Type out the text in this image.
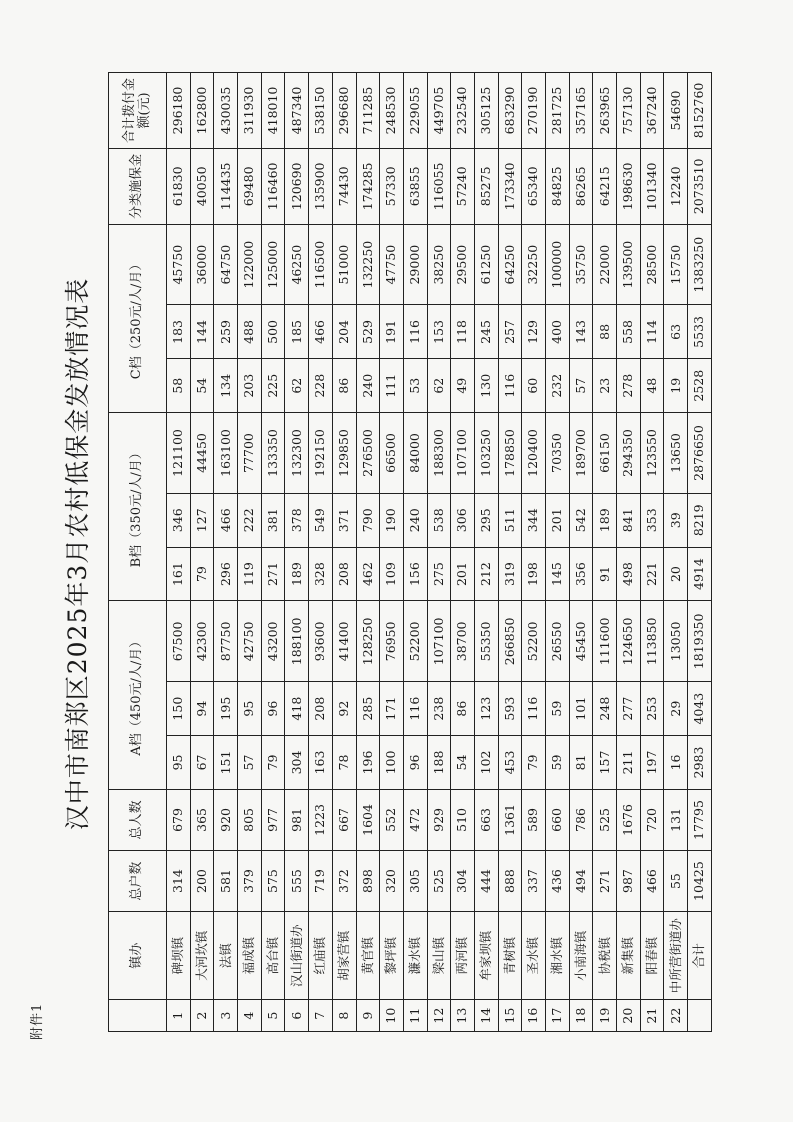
附件1
汉中市南郑区2025年3月农村低保金发放情况表
	镇办	总户数	总人数	A档（450元/人/月）			B档（350元/人/月）			C档（250元/人/月）			分类施保金	合计拨付金额(元)
1	碑坝镇	314	679	95	150	67500	161	346	121100	58	183	45750	61830	296180
2	大河坎镇	200	365	67	94	42300	79	127	44450	54	144	36000	40050	162800
3	法镇	581	920	151	195	87750	296	466	163100	134	259	64750	114435	430035
4	福成镇	379	805	57	95	42750	119	222	77700	203	488	122000	69480	311930
5	高台镇	575	977	79	96	43200	271	381	133350	225	500	125000	116460	418010
6	汉山街道办	555	981	304	418	188100	189	378	132300	62	185	46250	120690	487340
7	红庙镇	719	1223	163	208	93600	328	549	192150	228	466	116500	135900	538150
8	胡家营镇	372	667	78	92	41400	208	371	129850	86	204	51000	74430	296680
9	黄官镇	898	1604	196	285	128250	462	790	276500	240	529	132250	174285	711285
10	黎坪镇	320	552	100	171	76950	109	190	66500	111	191	47750	57330	248530
11	濂水镇	305	472	96	116	52200	156	240	84000	53	116	29000	63855	229055
12	梁山镇	525	929	188	238	107100	275	538	188300	62	153	38250	116055	449705
13	两河镇	304	510	54	86	38700	201	306	107100	49	118	29500	57240	232540
14	牟家坝镇	444	663	102	123	55350	212	295	103250	130	245	61250	85275	305125
15	青树镇	888	1361	453	593	266850	319	511	178850	116	257	64250	173340	683290
16	圣水镇	337	589	79	116	52200	198	344	120400	60	129	32250	65340	270190
17	湘水镇	436	660	59	59	26550	145	201	70350	232	400	100000	84825	281725
18	小南海镇	494	786	81	101	45450	356	542	189700	57	143	35750	86265	357165
19	协税镇	271	525	157	248	111600	91	189	66150	23	88	22000	64215	263965
20	新集镇	987	1676	211	277	124650	498	841	294350	278	558	139500	198630	757130
21	阳春镇	466	720	197	253	113850	221	353	123550	48	114	28500	101340	367240
22	中所营街道办	55	131	16	29	13050	20	39	13650	19	63	15750	12240	54690
	合计	10425	17795	2983	4043	1819350	4914	8219	2876650	2528	5533	1383250	2073510	8152760
